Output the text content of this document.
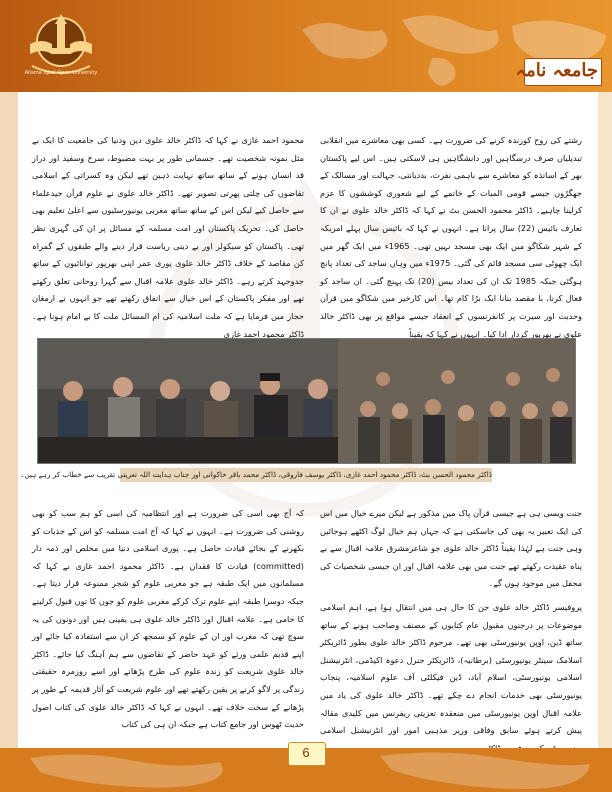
Allama Iqbal Open University	جامعہ نامہ

رشتے کی روح کوزندہ کرنے کی ضرورت ہے۔ کسی بھی معاشرے میں انقلابی تبدیلیاں صرف درسگاہیں اور دانشگاہیں ہی لاسکتی ہیں۔ اس لیے پاکستان بھر کے اساتذہ کو معاشرے سے باہمی نفرت، بددیانتی، جہالت اور مسالک کے جھگڑوں جیسے قومی المیات کے خاتمے کے لیے شعوری کوششوں کا عزم کرلینا چاہیے۔ ڈاکٹر محمود الحسن بٹ نے کہا کہ ڈاکٹر خالد علوی نے ان کا تعارف بائیس (22) سال پرانا ہے۔ انہوں نے کہا کہ بائیس سال پہلے امریکہ کے شہر شکاگو میں ایک بھی مسجد نہیں تھی۔ 1965ء میں ایک گھر میں ایک چھوٹی سی مسجد قائم کی گئی۔ 1975ء میں وہاں ساجد کی تعداد پانچ ہوگئی جبکہ 1985 تک ان کی تعداد بیس (20) تک پہنچ گئی۔ ان ساجد کو فعال کرنا، با مقصد بنانا ایک بڑا کام تھا۔ اس کارخیر میں شکاگو میں قرآن وحدیث اور سیرت پر کانفرنسوں کے انعقاد جیسے مواقع پر بھی ڈاکٹر خالد علوی نے بھرپور کردار ادا کیا۔ انہوں نے کہا کہ یقیناً

محمود احمد غازی نے کہا کہ ڈاکٹر خالد علوی دین ودنیا کی جامعیت کا ایک بے مثل نمونہ شخصیت تھے۔ جسمانی طور پر بہت مضبوط، سرخ وسفید اور دراز قد انسان ہونے کے ساتھ ساتھ نہایت ذہین تھے لیکن وہ کسراتی کے اسلامی تقاضوں کی چلتی پھرتی تصویر تھے۔ ڈاکٹر خالد علوی نے علوم قرآن جیدعلماء سے حاصل کیے لیکن اس کے ساتھ ساتھ مغربی یونیورسٹیوں سے اعلیٰ تعلیم بھی حاصل کی۔ تحریک پاکستان اور امت مسلمہ کے مسائل پر ان کی گہری نظر تھی۔ پاکستان کو سیکولر اور بے دینی ریاست قرار دینے والے طبقوں کے گمراہ کن مقاصد کے خلاف ڈاکٹر خالد علوی پوری عمر اپنی بھرپور توانائیوں کے ساتھ جدوجہد کرتے رہے۔ ڈاکٹر خالد علوی علامہ اقبال سے گہرا روحانی تعلق رکھتے تھے اور مفکر پاکستان کے اس خیال سے اتفاق رکھتے تھے جو انہوں نے ارمغان حجاز میں فرمایا ہے کہ ملت اسلامیہ کی ام المسائل ملت کا بے امام ہونا ہے۔ ڈاکٹر محمود احمد غازی

ڈاکٹر محمود الحسن بٹ، ڈاکٹر محمود احمد غازی، ڈاکٹر یوسف فاروقی، ڈاکٹر محمد باقر خاکوانی اور جناب ہدایت اللہ تعزیتی تقریب سے خطاب کر رہے ہیں۔

جنت ویسی ہی ہے جیسی قرآن پاک میں مذکور ہے لیکن میرے خیال میں اس کی ایک تعبیر یہ بھی کی جاسکتی ہے کہ جہاں ہم خیال لوگ اکٹھے ہوجائیں وہی جنت ہے لہٰذا یقیناً ڈاکٹر خالد علوی جو شاعرمشرق علامہ اقبال سے بے پناہ عقیدت رکھتے تھے جنت میں بھی علامہ اقبال اور ان جیسی شخصیات کی محفل میں موجود ہوں گے۔

پروفیسر ڈاکٹر خالد علوی جن کا حال ہی میں انتقال ہوا ہے، اہم اسلامی موضوعات پر درجنوں مقبول عام کتابوں کے مصنف وصاحب ہونے کے ساتھ ساتھ ڈین، اوپن یونیورسٹی بھی تھے۔ مرحوم ڈاکٹر خالد علوی بطور ڈائریکٹر اسلامک سینٹر یونیورسٹی (برطانیہ)، ڈائریکٹر جنرل دعوہ اکیڈمی، انٹرنیشنل اسلامی یونیورسٹی، اسلام آباد، ڈین فیکلٹی آف علوم اسلامیہ، پنجاب یونیورسٹی بھی خدمات انجام دے چکے تھے۔ ڈاکٹر خالد علوی کی یاد میں علامہ اقبال اوپن یونیورسٹی میں منعقدہ تعزیتی ریفرنس میں کلیدی مقالہ پیش کرتے ہوئے سابق وفاقی وزیر مذہبی امور اور انٹرنیشنل اسلامی

کہ آج بھی اسی کی ضرورت ہے اور انتظامیہ کی اسی کو ہم سب کو بھی روشنی کی ضرورت ہے۔ انہوں نے کہا کہ آج امت مسلمہ کو اس کے جذبات کو بکھرنے کے بجائے قیادت حاصل ہے۔ پوری اسلامی دنیا میں مخلص اور ذمہ دار (committed) قیادت کا فقدان ہے۔ ڈاکٹر محمود احمد غازی نے کہا کہ مسلمانوں میں ایک طبقہ ہے جو مغربی علوم کو شجر ممنوعہ قرار دیتا ہے۔ جبکہ دوسرا طبقہ اپنے علوم ترک کرکے مغربی علوم کو جوں کا توں قبول کرلینے کا حامی ہے۔ علامہ اقبال اور ڈاکٹر خالد علوی ہی یقینی ہیں اور دونوں کی یہ سوچ تھی کہ مغرب اور ان کے علوم کو سمجھ کر ان سے استفادہ کیا جائے اور اپنے قدیم علمی ورثے کو عہد حاضر کے تقاضوں سے ہم آہنگ کیا جائے۔ ڈاکٹر خالد علوی شریعت کو زندہ علوم کی طرح پڑھانے اور اسے روزمرہ حقیقتی زندگی پر لاگو کرنے پر یقین رکھتے تھے اور علوم شریعت کو آثار قدیمہ کے طور پر پڑھانے کے سخت خلاف تھے۔ انہوں نے کہا کہ ڈاکٹر خالد علوی کی کتاب اصول حدیث ٹھوس اور جامع کتاب ہے جبکہ ان ہی کی کتاب

6
